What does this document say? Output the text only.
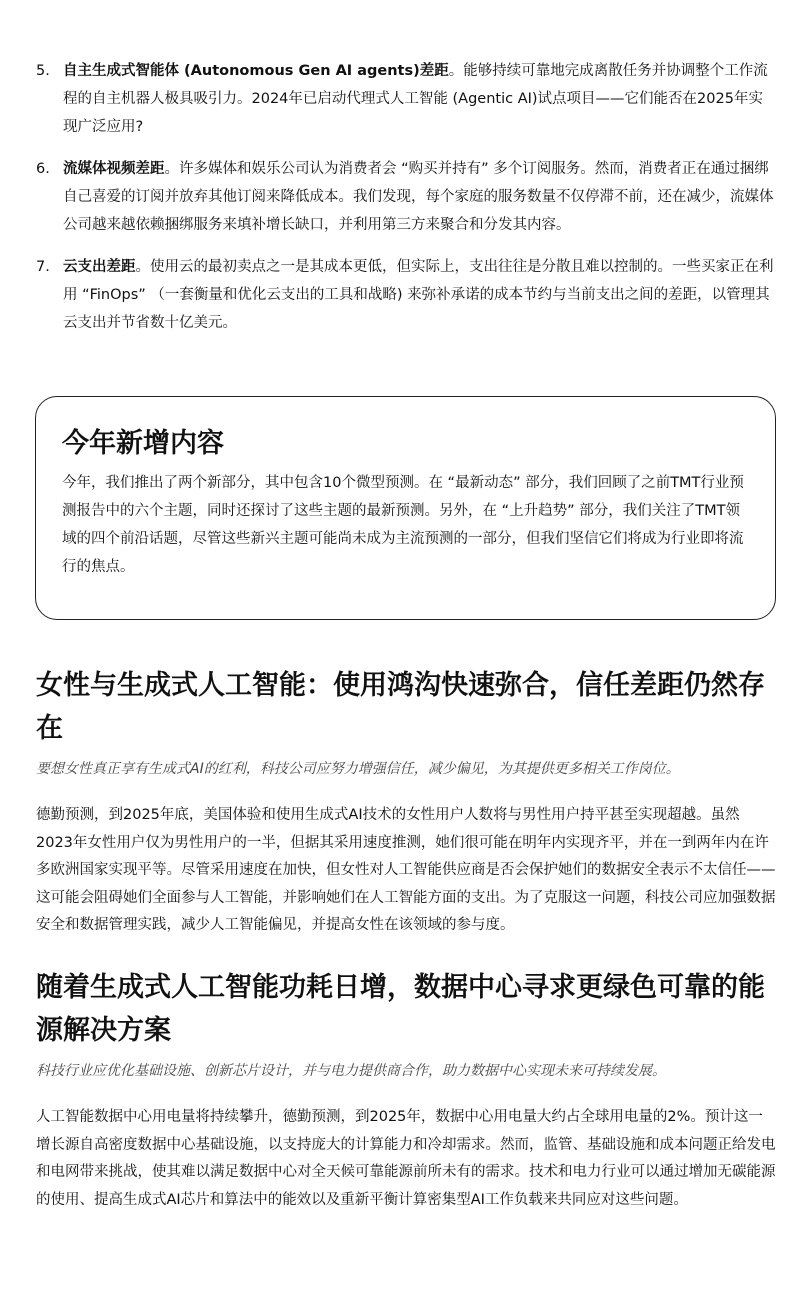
5. 自主生成式智能体 (Autonomous Gen AI agents)差距。能够持续可靠地完成离散任务并协调整个工作流程的自主机器人极具吸引力。2024年已启动代理式人工智能 (Agentic AI)试点项目——它们能否在2025年实现广泛应用?
6. 流媒体视频差距。许多媒体和娱乐公司认为消费者会 “购买并持有” 多个订阅服务。然而，消费者正在通过捆绑自己喜爱的订阅并放弃其他订阅来降低成本。我们发现，每个家庭的服务数量不仅停滞不前，还在减少，流媒体公司越来越依赖捆绑服务来填补增长缺口，并利用第三方来聚合和分发其内容。
7. 云支出差距。使用云的最初卖点之一是其成本更低，但实际上，支出往往是分散且难以控制的。一些买家正在利用 “FinOps” （一套衡量和优化云支出的工具和战略) 来弥补承诺的成本节约与当前支出之间的差距，以管理其云支出并节省数十亿美元。
今年新增内容
今年，我们推出了两个新部分，其中包含10个微型预测。在 “最新动态” 部分，我们回顾了之前TMT行业预测报告中的六个主题，同时还探讨了这些主题的最新预测。另外，在 “上升趋势” 部分，我们关注了TMT领域的四个前沿话题，尽管这些新兴主题可能尚未成为主流预测的一部分，但我们坚信它们将成为行业即将流行的焦点。
女性与生成式人工智能：使用鸿沟快速弥合，信任差距仍然存在
要想女性真正享有生成式AI的红利，科技公司应努力增强信任，减少偏见，为其提供更多相关工作岗位。
德勤预测，到2025年底，美国体验和使用生成式AI技术的女性用户人数将与男性用户持平甚至实现超越。虽然2023年女性用户仅为男性用户的一半，但据其采用速度推测，她们很可能在明年内实现齐平，并在一到两年内在许多欧洲国家实现平等。尽管采用速度在加快，但女性对人工智能供应商是否会保护她们的数据安全表示不太信任——这可能会阻碍她们全面参与人工智能，并影响她们在人工智能方面的支出。为了克服这一问题，科技公司应加强数据安全和数据管理实践，减少人工智能偏见，并提高女性在该领域的参与度。
随着生成式人工智能功耗日增，数据中心寻求更绿色可靠的能源解决方案
科技行业应优化基础设施、创新芯片设计，并与电力提供商合作，助力数据中心实现未来可持续发展。
人工智能数据中心用电量将持续攀升，德勤预测，到2025年，数据中心用电量大约占全球用电量的2%。预计这一增长源自高密度数据中心基础设施，以支持庞大的计算能力和冷却需求。然而，监管、基础设施和成本问题正给发电和电网带来挑战，使其难以满足数据中心对全天候可靠能源前所未有的需求。技术和电力行业可以通过增加无碳能源的使用、提高生成式AI芯片和算法中的能效以及重新平衡计算密集型AI工作负载来共同应对这些问题。
